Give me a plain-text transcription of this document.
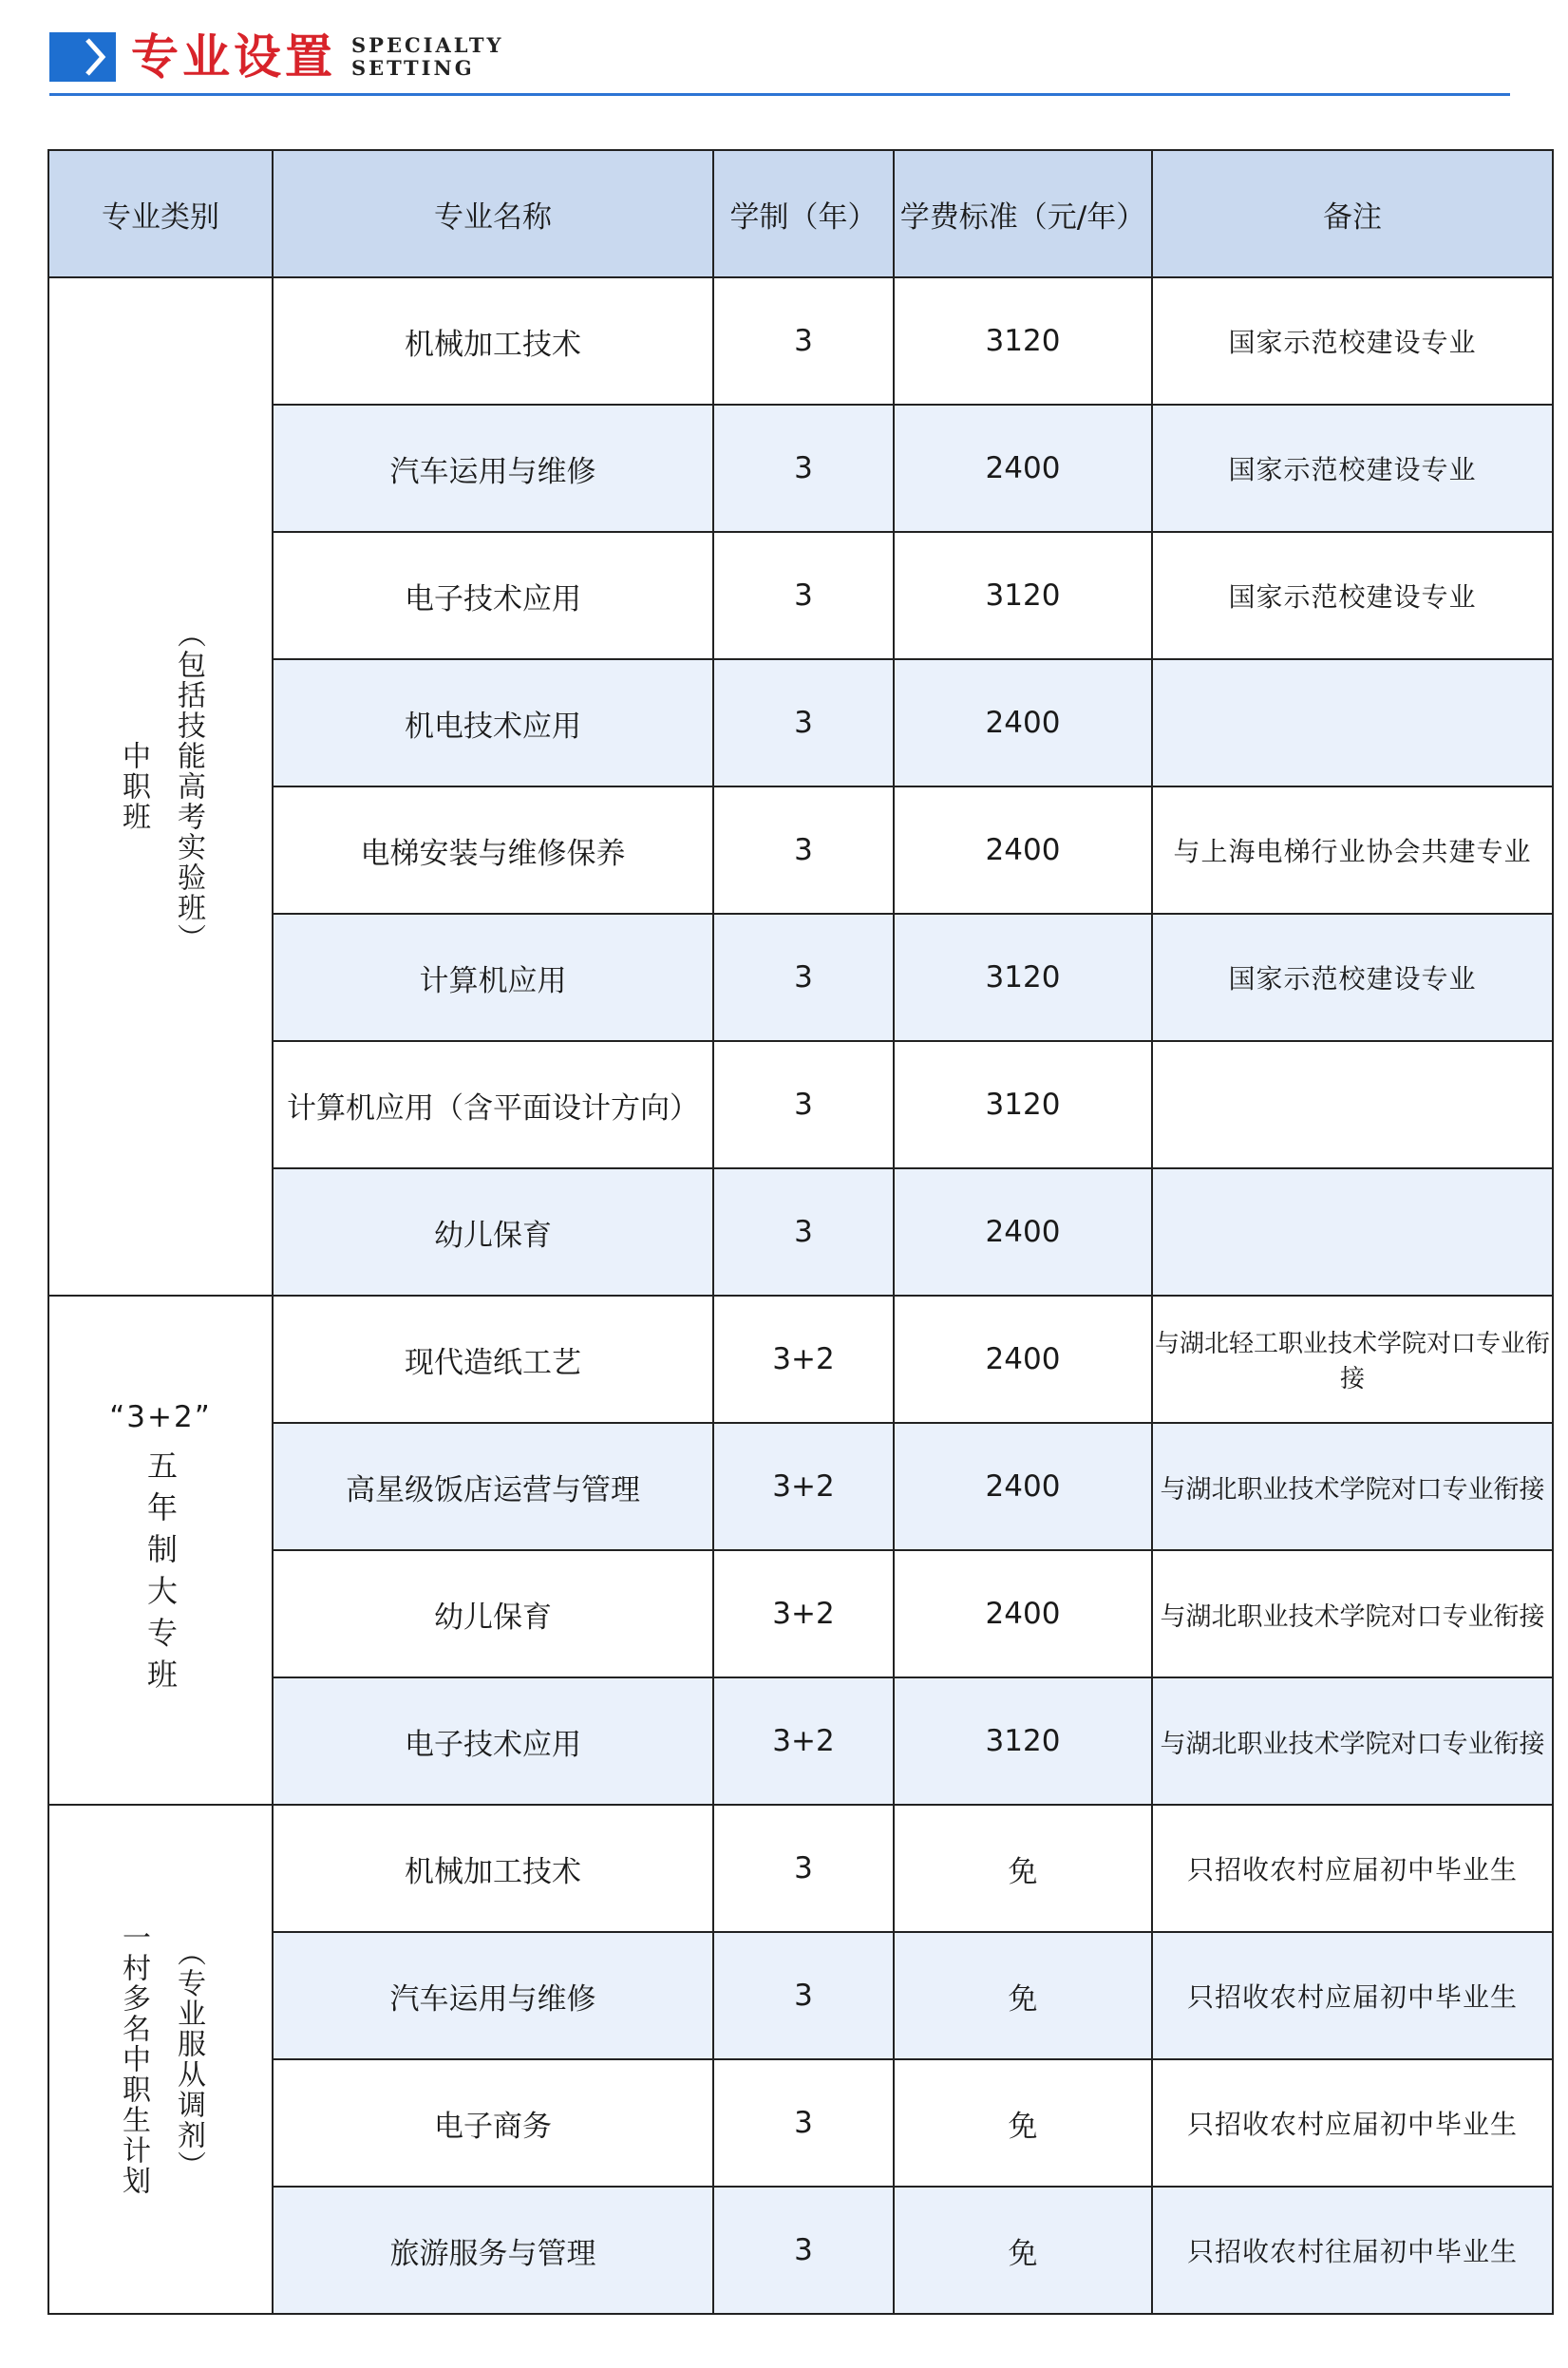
专业设置 SPECIALTY
SETTING
专业类别	专业名称	学制（年）	学费标准（元/年）	备注

中职班 （包括技能高考实验班）	机械加工技术	3	3120	国家示范校建设专业
	汽车运用与维修	3	2400	国家示范校建设专业
	电子技术应用	3	3120	国家示范校建设专业
	机电技术应用	3	2400	
	电梯安装与维修保养	3	2400	与上海电梯行业协会共建专业
	计算机应用	3	3120	国家示范校建设专业
	计算机应用（含平面设计方向）	3	3120	
	幼儿保育	3	2400	

“3+2”
五年制大专班	现代造纸工艺	3+2	2400	与湖北轻工职业技术学院对口专业衔接
	高星级饭店运营与管理	3+2	2400	与湖北职业技术学院对口专业衔接
	幼儿保育	3+2	2400	与湖北职业技术学院对口专业衔接
	电子技术应用	3+2	3120	与湖北职业技术学院对口专业衔接

一村多名中职生计划 （专业服从调剂）	机械加工技术	3	免	只招收农村应届初中毕业生
	汽车运用与维修	3	免	只招收农村应届初中毕业生
	电子商务	3	免	只招收农村应届初中毕业生
	旅游服务与管理	3	免	只招收农村往届初中毕业生
